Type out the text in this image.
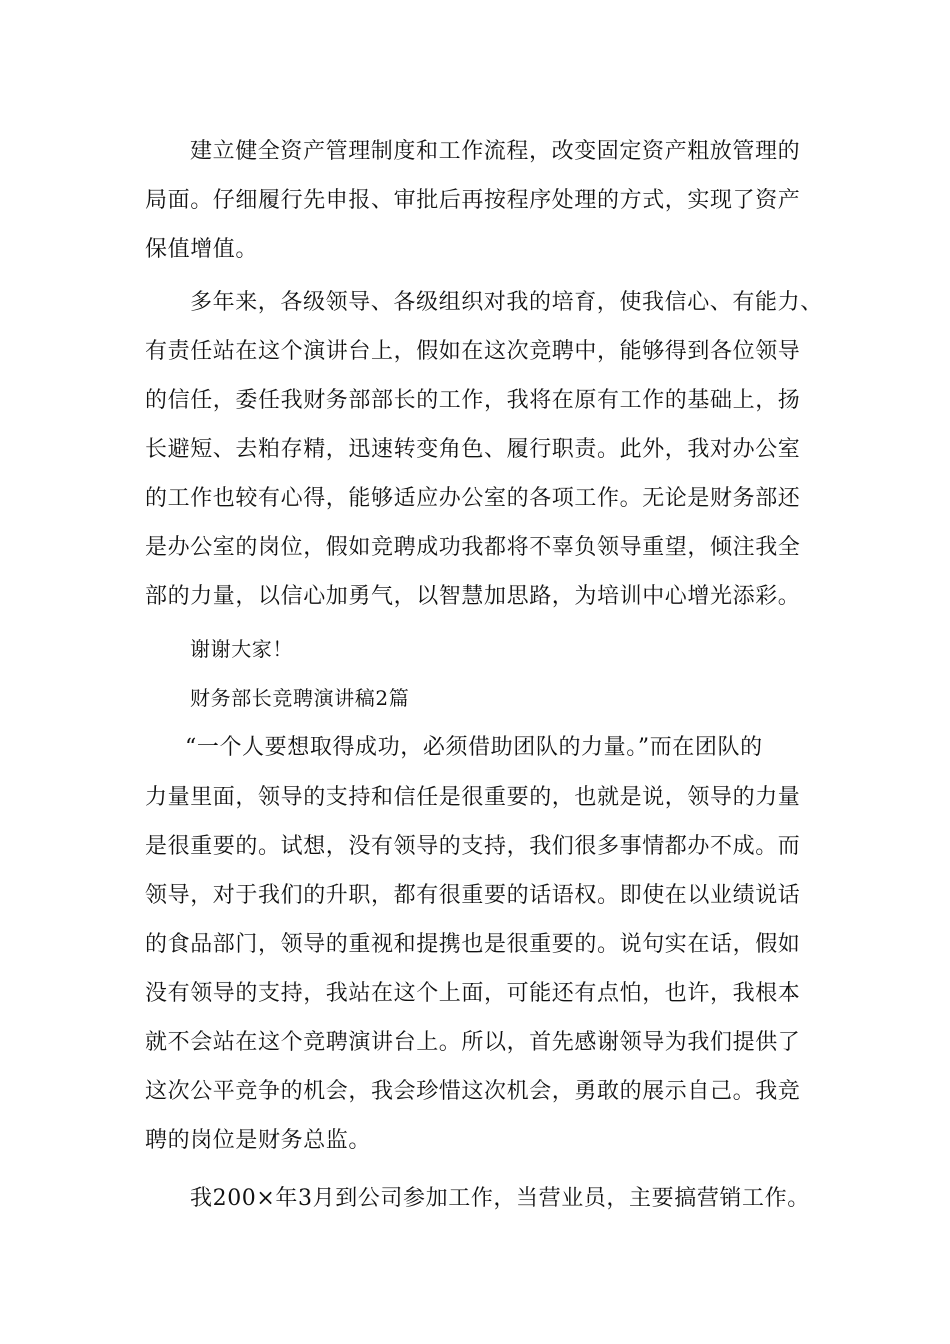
建立健全资产管理制度和工作流程，改变固定资产粗放管理的
局面。仔细履行先申报、审批后再按程序处理的方式，实现了资产
保值增值。
多年来，各级领导、各级组织对我的培育，使我信心、有能力、
有责任站在这个演讲台上，假如在这次竞聘中，能够得到各位领导
的信任，委任我财务部部长的工作，我将在原有工作的基础上，扬
长避短、去粕存精，迅速转变角色、履行职责。此外，我对办公室
的工作也较有心得，能够适应办公室的各项工作。无论是财务部还
是办公室的岗位，假如竞聘成功我都将不辜负领导重望，倾注我全
部的力量，以信心加勇气，以智慧加思路，为培训中心增光添彩。
谢谢大家！
财务部长竞聘演讲稿2篇
“一个人要想取得成功，必须借助团队的力量。”而在团队的
力量里面，领导的支持和信任是很重要的，也就是说，领导的力量
是很重要的。试想，没有领导的支持，我们很多事情都办不成。而
领导，对于我们的升职，都有很重要的话语权。即使在以业绩说话
的食品部门，领导的重视和提携也是很重要的。说句实在话，假如
没有领导的支持，我站在这个上面，可能还有点怕，也许，我根本
就不会站在这个竞聘演讲台上。所以，首先感谢领导为我们提供了
这次公平竞争的机会，我会珍惜这次机会，勇敢的展示自己。我竞
聘的岗位是财务总监。
我200×年3月到公司参加工作，当营业员，主要搞营销工作。
